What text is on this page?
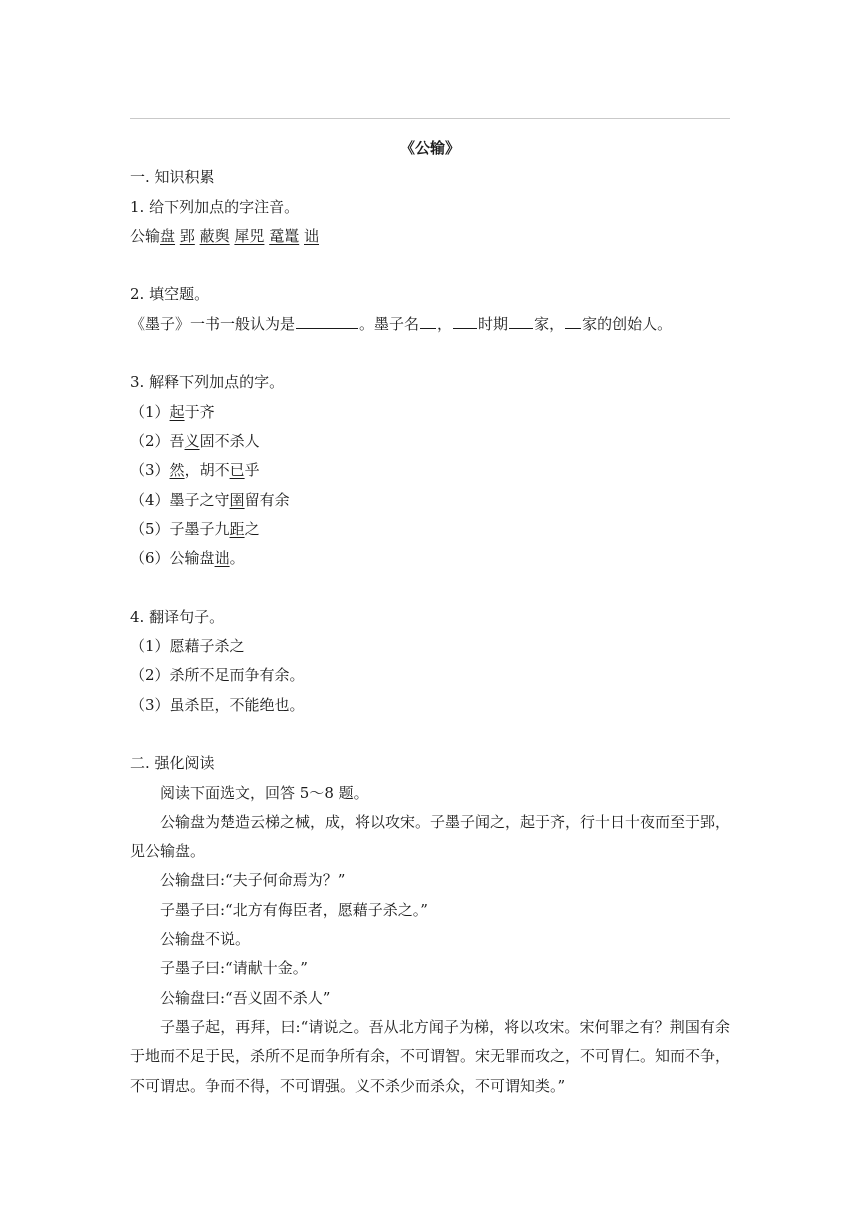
《公输》
一. 知识积累
1. 给下列加点的字注音。
公输盘 郢 蔽舆 犀兕 鼋鼍 诎
2. 填空题。
《墨子》一书一般认为是	。墨子名 ， 时期 家， 家的创始人。
3. 解释下列加点的字。
（1）起于齐
（2）吾义固不杀人
（3）然，胡不已乎
（4）墨子之守圉留有余
（5）子墨子九距之
（6）公输盘诎。
4. 翻译句子。
（1）愿藉子杀之
（2）杀所不足而争有余。
（3）虽杀臣，不能绝也。
二. 强化阅读
阅读下面选文，回答 5～8 题。
公输盘为楚造云梯之械，成，将以攻宋。子墨子闻之，起于齐，行十日十夜而至于郢，见公输盘。
公输盘曰:“夫子何命焉为？”
子墨子曰:“北方有侮臣者，愿藉子杀之。”
公输盘不说。
子墨子曰:“请献十金。”
公输盘曰:“吾义固不杀人”
子墨子起，再拜，曰:“请说之。吾从北方闻子为梯，将以攻宋。宋何罪之有？荆国有余于地而不足于民，杀所不足而争所有余，不可谓智。宋无罪而攻之，不可胃仁。知而不争，不可谓忠。争而不得，不可谓强。义不杀少而杀众，不可谓知类。”
